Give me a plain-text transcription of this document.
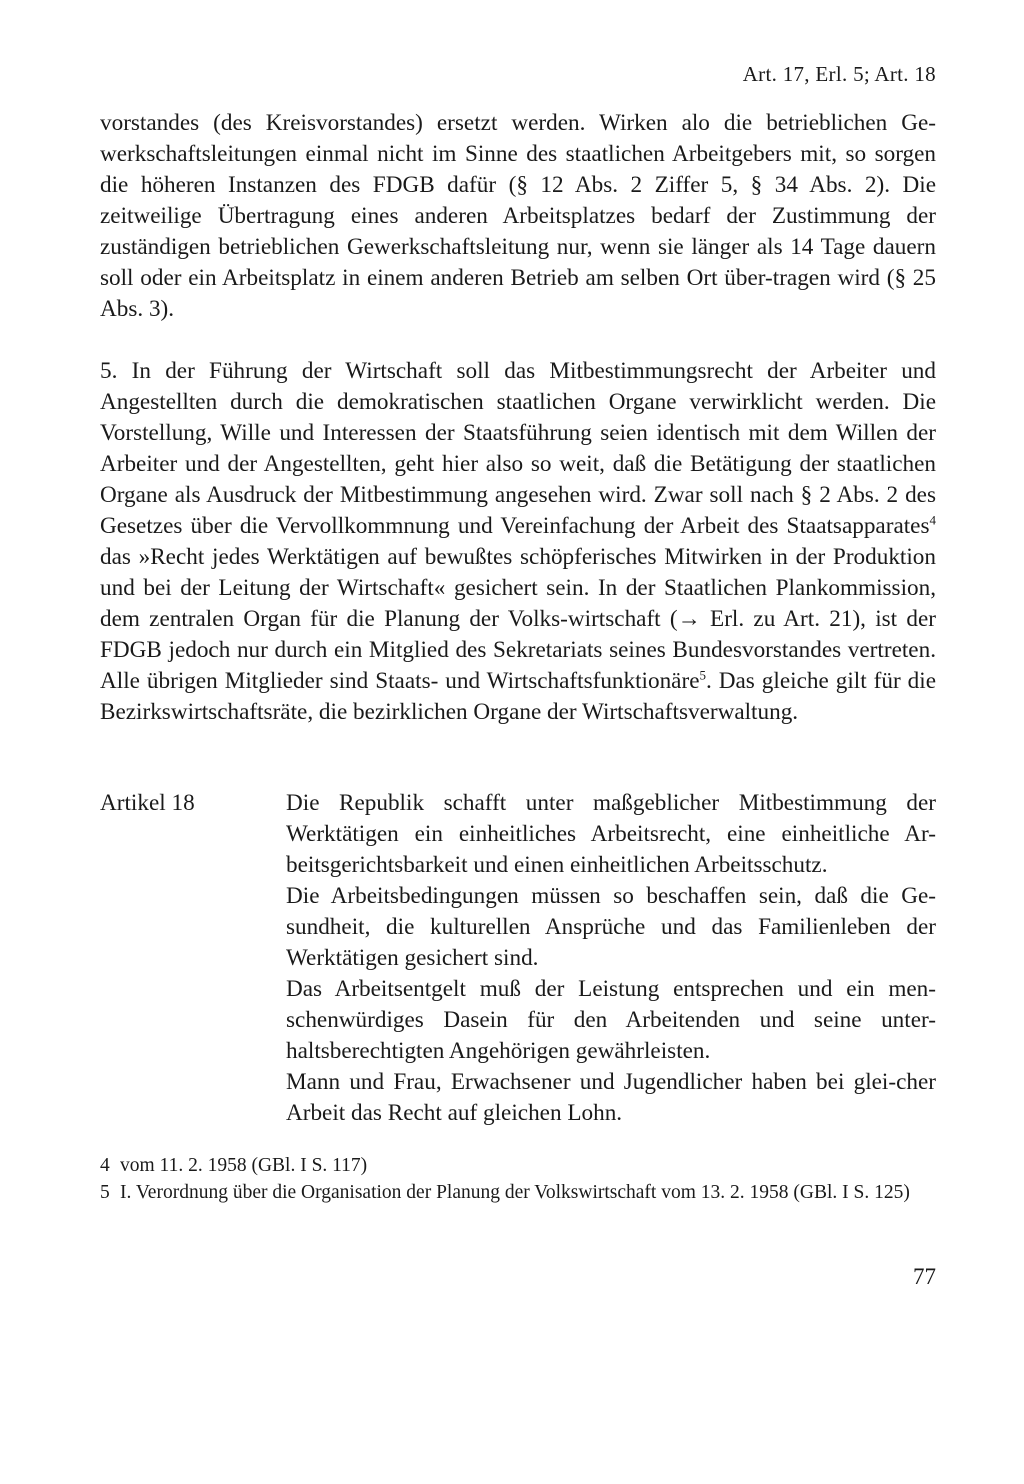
Art. 17, Erl. 5; Art. 18

vorstandes (des Kreisvorstandes) ersetzt werden. Wirken alo die betrieblichen Ge-werkschaftsleitungen einmal nicht im Sinne des staatlichen Arbeitgebers mit, so sorgen die höheren Instanzen des FDGB dafür (§ 12 Abs. 2 Ziffer 5, § 34 Abs. 2). Die zeitweilige Übertragung eines anderen Arbeitsplatzes bedarf der Zustimmung der zuständigen betrieblichen Gewerkschaftsleitung nur, wenn sie länger als 14 Tage dauern soll oder ein Arbeitsplatz in einem anderen Betrieb am selben Ort über-tragen wird (§ 25 Abs. 3).

5. In der Führung der Wirtschaft soll das Mitbestimmungsrecht der Arbeiter und Angestellten durch die demokratischen staatlichen Organe verwirklicht werden. Die Vorstellung, Wille und Interessen der Staatsführung seien identisch mit dem Willen der Arbeiter und der Angestellten, geht hier also so weit, daß die Betätigung der staatlichen Organe als Ausdruck der Mitbestimmung angesehen wird. Zwar soll nach § 2 Abs. 2 des Gesetzes über die Vervollkommnung und Vereinfachung der Arbeit des Staatsapparates$^4$ das »Recht jedes Werktätigen auf bewußtes schöpferisches Mitwirken in der Produktion und bei der Leitung der Wirtschaft« gesichert sein. In der Staatlichen Plankommission, dem zentralen Organ für die Planung der Volks-wirtschaft (→ Erl. zu Art. 21), ist der FDGB jedoch nur durch ein Mitglied des Sekretariats seines Bundesvorstandes vertreten. Alle übrigen Mitglieder sind Staats- und Wirtschaftsfunktionäre$^5$. Das gleiche gilt für die Bezirkswirtschaftsräte, die bezirklichen Organe der Wirtschaftsverwaltung.

Artikel 18	Die Republik schafft unter maßgeblicher Mitbestimmung der Werktätigen ein einheitliches Arbeitsrecht, eine einheitliche Ar-beitsgerichtsbarkeit und einen einheitlichen Arbeitsschutz.

Die Arbeitsbedingungen müssen so beschaffen sein, daß die Ge-sundheit, die kulturellen Ansprüche und das Familienleben der Werktätigen gesichert sind.

Das Arbeitsentgelt muß der Leistung entsprechen und ein men-schenwürdiges Dasein für den Arbeitenden und seine unter-haltsberechtigten Angehörigen gewährleisten.

Mann und Frau, Erwachsener und Jugendlicher haben bei glei-cher Arbeit das Recht auf gleichen Lohn.

4 vom 11. 2. 1958 (GBl. I S. 117)
5 I. Verordnung über die Organisation der Planung der Volkswirtschaft vom 13. 2. 1958 (GBl. I S. 125)
77
